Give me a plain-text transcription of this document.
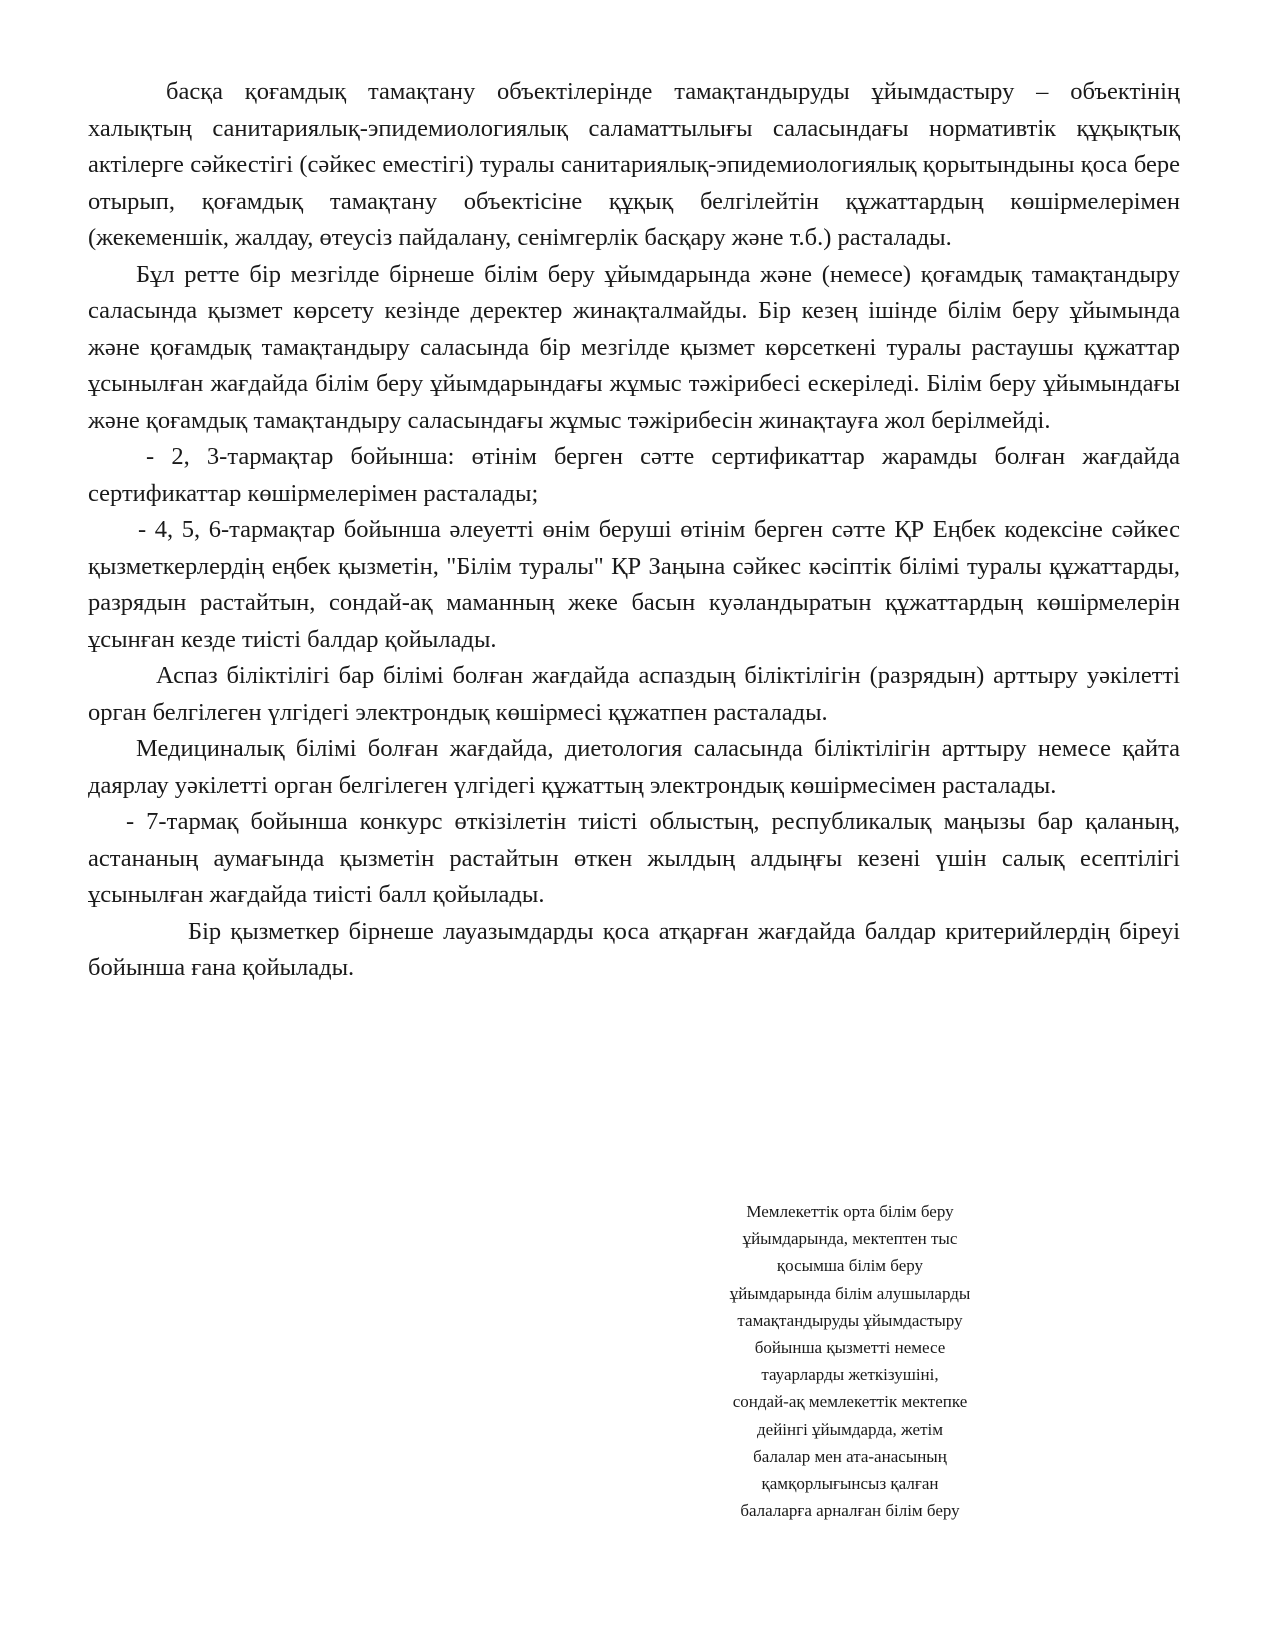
басқа қоғамдық тамақтану объектілерінде тамақтандыруды ұйымдастыру – объектінің халықтың санитариялық-эпидемиологиялық саламаттылығы саласындағы нормативтік құқықтық актілерге сәйкестігі (сәйкес еместігі) туралы санитариялық-эпидемиологиялық қорытындыны қоса бере отырып, қоғамдық тамақтану объектісіне құқық белгілейтін құжаттардың көшірмелерімен (жекеменшік, жалдау, өтеусіз пайдалану, сенімгерлік басқару және т.б.) расталады.

Бұл ретте бір мезгілде бірнеше білім беру ұйымдарында және (немесе) қоғамдық тамақтандыру саласында қызмет көрсету кезінде деректер жинақталмайды. Бір кезең ішінде білім беру ұйымында және қоғамдық тамақтандыру саласында бір мезгілде қызмет көрсеткені туралы растаушы құжаттар ұсынылған жағдайда білім беру ұйымдарындағы жұмыс тәжірибесі ескеріледі. Білім беру ұйымындағы және қоғамдық тамақтандыру саласындағы жұмыс тәжірибесін жинақтауға жол берілмейді.

- 2, 3-тармақтар бойынша: өтінім берген сәтте сертификаттар жарамды болған жағдайда сертификаттар көшірмелерімен расталады;

- 4, 5, 6-тармақтар бойынша әлеуетті өнім беруші өтінім берген сәтте ҚР Еңбек кодексіне сәйкес қызметкерлердің еңбек қызметін, "Білім туралы" ҚР Заңына сәйкес кәсіптік білімі туралы құжаттарды, разрядын растайтын, сондай-ақ маманның жеке басын куәландыратын құжаттардың көшірмелерін ұсынған кезде тиісті балдар қойылады.

Аспаз біліктілігі бар білімі болған жағдайда аспаздың біліктілігін (разрядын) арттыру уәкілетті орган белгілеген үлгідегі электрондық көшірмесі құжатпен расталады.

Медициналық білімі болған жағдайда, диетология саласында біліктілігін арттыру немесе қайта даярлау уәкілетті орган белгілеген үлгідегі құжаттың электрондық көшірмесімен расталады.

- 7-тармақ бойынша конкурс өткізілетін тиісті облыстың, республикалық маңызы бар қаланың, астананың аумағында қызметін растайтын өткен жылдың алдыңғы кезені үшін салық есептілігі ұсынылған жағдайда тиісті балл қойылады.

Бір қызметкер бірнеше лауазымдарды қоса атқарған жағдайда балдар критерийлердің біреуі бойынша ғана қойылады.

Мемлекеттік орта білім беру
ұйымдарында, мектептен тыс
қосымша білім беру
ұйымдарында білім алушыларды
тамақтандыруды ұйымдастыру
бойынша қызметті немесе
тауарларды жеткізушіні,
сондай-ақ мемлекеттік мектепке
дейінгі ұйымдарда, жетім
балалар мен ата-анасының
қамқорлығынсыз қалған
балаларға арналған білім беру
